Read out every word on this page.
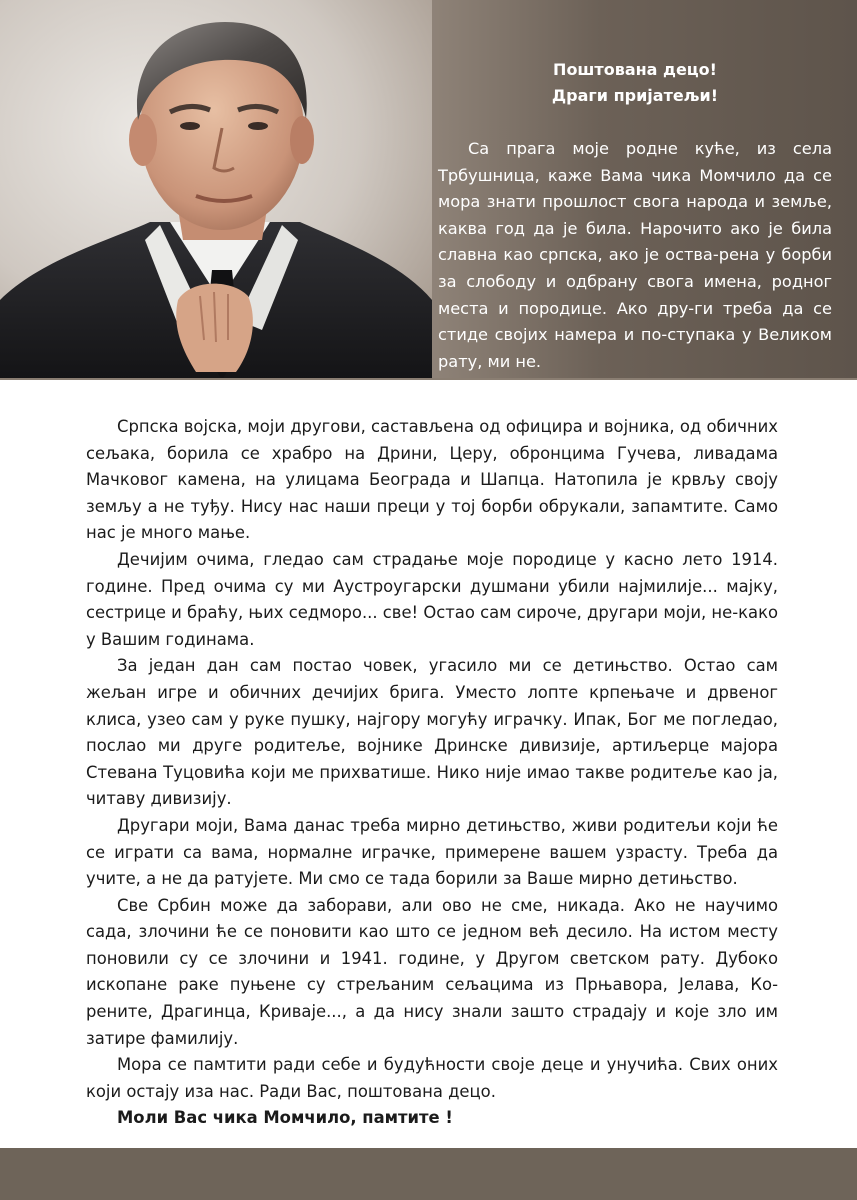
Поштована децо!
Драги пријатељи!

Са прага моје родне куће, из села Трбушница, каже Вама чика Момчило да се мора знати прошлост свога народа и земље, каква год да је била. Нарочито ако је била славна као српска, ако је оства-рена у борби за слободу и одбрану свога имена, родног места и породице. Ако дру-ги треба да се стиде својих намера и по-ступака у Великом рату, ми не.

Српска војска, моји другови, састављена од официра и војника, од обичних сељака, борила се храбро на Дрини, Церу, обронцима Гучева, ливадама Мачковог камена, на улицама Београда и Шапца. Натопила је крвљу своју земљу а не туђу. Нису нас наши преци у тој борби обрукали, запамтите. Само нас је много мање.

Дечијим очима, гледао сам страдање моје породице у касно лето 1914. године. Пред очима су ми Аустроугарски душмани убили најмилије... мајку, сестрице и браћу, њих седморо... све! Остао сам сироче, другари моји, не-како у Вашим годинама.

За један дан сам постао човек, угасило ми се детињство. Остао сам жељан игре и обичних дечијих брига. Уместо лопте крпењаче и дрвеног клиса, узео сам у руке пушку, најгору могућу играчку. Ипак, Бог ме погледао, послао ми друге родитеље, војнике Дринске дивизије, артиљерце мајора Стевана Туцовића који ме прихватише. Нико није имао такве родитеље као ја, читаву дивизију.

Другари моји, Вама данас треба мирно детињство, живи родитељи који ће се играти са вама, нормалне играчке, примерене вашем узрасту. Треба да учите, а не да ратујете. Ми смо се тада борили за Ваше мирно детињство.

Све Србин може да заборави, али ово не сме, никада. Ако не научимо сада, злочини ће се поновити као што се једном већ десило. На истом месту поновили су се злочини и 1941. године, у Другом светском рату. Дубоко ископане раке пуњене су стрељаним сељацима из Прњавора, Јелава, Ко-рените, Драгинца, Криваје..., а да нису знали зашто страдају и које зло им затире фамилију.

Мора се памтити ради себе и будућности своје деце и унучића. Свих оних који остају иза нас. Ради Вас, поштована децо.

Моли Вас чика Момчило, памтите !
